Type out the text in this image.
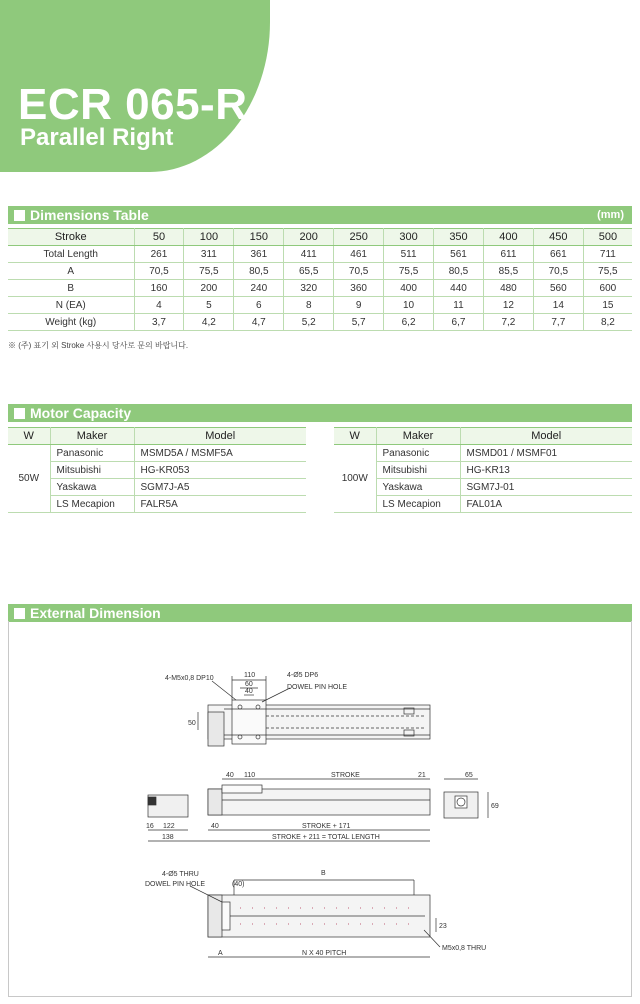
ECR 065-R
Parallel Right
Dimensions Table	(mm)
Stroke	50	100	150	200	250	300	350	400	450	500
Total Length	261	311	361	411	461	511	561	611	661	711
A	70,5	75,5	80,5	65,5	70,5	75,5	80,5	85,5	70,5	75,5
B	160	200	240	320	360	400	440	480	560	600
N (EA)	4	5	6	8	9	10	11	12	14	15
Weight (kg)	3,7	4,2	4,7	5,2	5,7	6,2	6,7	7,2	7,7	8,2
※ (주) 표기 외 Stroke 사용시 당사로 문의 바랍니다.
Motor Capacity
W	Maker	Model
50W	Panasonic	MSMD5A / MSMF5A
	Mitsubishi	HG-KR053
	Yaskawa	SGM7J-A5
	LS Mecapion	FALR5A
W	Maker	Model
100W	Panasonic	MSMD01 / MSMF01
	Mitsubishi	HG-KR13
	Yaskawa	SGM7J-01
	LS Mecapion	FAL01A
External Dimension
4-M5x0,8 DP10	4-Ø5 DP6
DOWEL PIN HOLE
110
60
40
50
40 110	STROKE	21	65
69
16 122
138
40	STROKE + 171
STROKE + 211 = TOTAL LENGTH
4-Ø5 THRU
DOWEL PIN HOLE	(40)
B
23
A	N X 40 PITCH
M5x0,8 THRU
